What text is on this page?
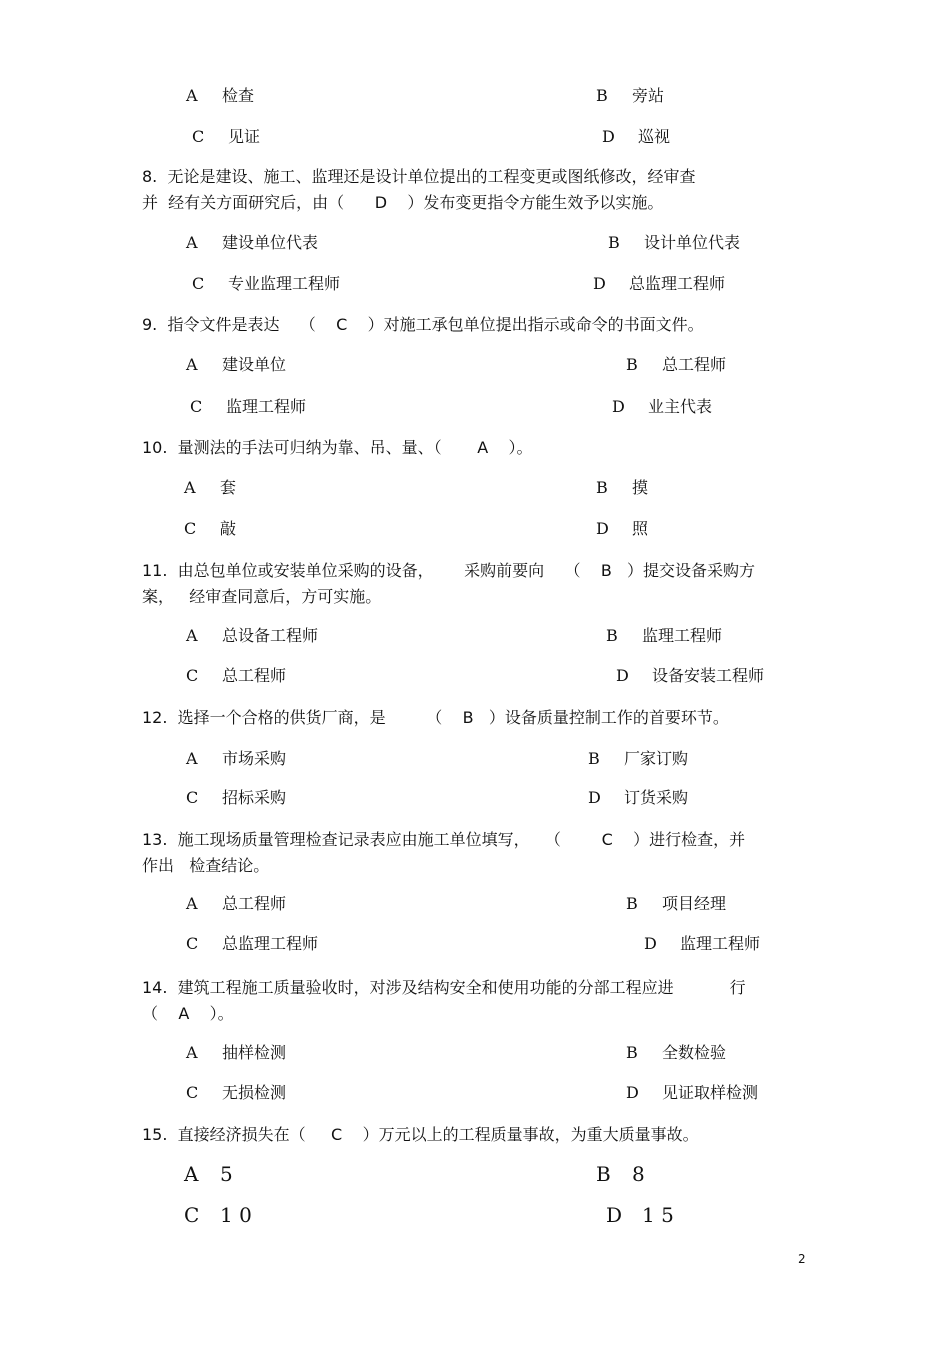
A 检查	B 旁站
C 见证	D 巡视
8.  无论是建设、施工、监理还是设计单位提出的工程变更或图纸修改，经审查
并  经有关方面研究后，由（      D    ）发布变更指令方能生效予以实施。
A 建设单位代表	B 设计单位代表
C 专业监理工程师	D 总监理工程师
9.  指令文件是表达    （    C    ）对施工承包单位提出指示或命令的书面文件。
A 建设单位	B 总工程师
C 监理工程师	D 业主代表
10.  量测法的手法可归纳为靠、吊、量、（       A    ）。
A 套	B 摸
C 敲	D 照
11.  由总包单位或安装单位采购的设备，      采购前要向    （    B   ）提交设备采购方
案，   经审查同意后，方可实施。
A 总设备工程师	B 监理工程师
C 总工程师	D 设备安装工程师
12.  选择一个合格的供货厂商，是        （    B   ）设备质量控制工作的首要环节。
A 市场采购	B 厂家订购
C 招标采购	D 订货采购
13.  施工现场质量管理检查记录表应由施工单位填写，   （        C    ）进行检查，并
作出   检查结论。
A 总工程师	B 项目经理
C 总监理工程师	D 监理工程师
14.  建筑工程施工质量验收时，对涉及结构安全和使用功能的分部工程应进           行
（    A    ）。
A 抽样检测	B 全数检验
C 无损检测	D 见证取样检测
15.  直接经济损失在（     C    ）万元以上的工程质量事故，为重大质量事故。
A 5	B 8
C 1 0	D 1 5
2
